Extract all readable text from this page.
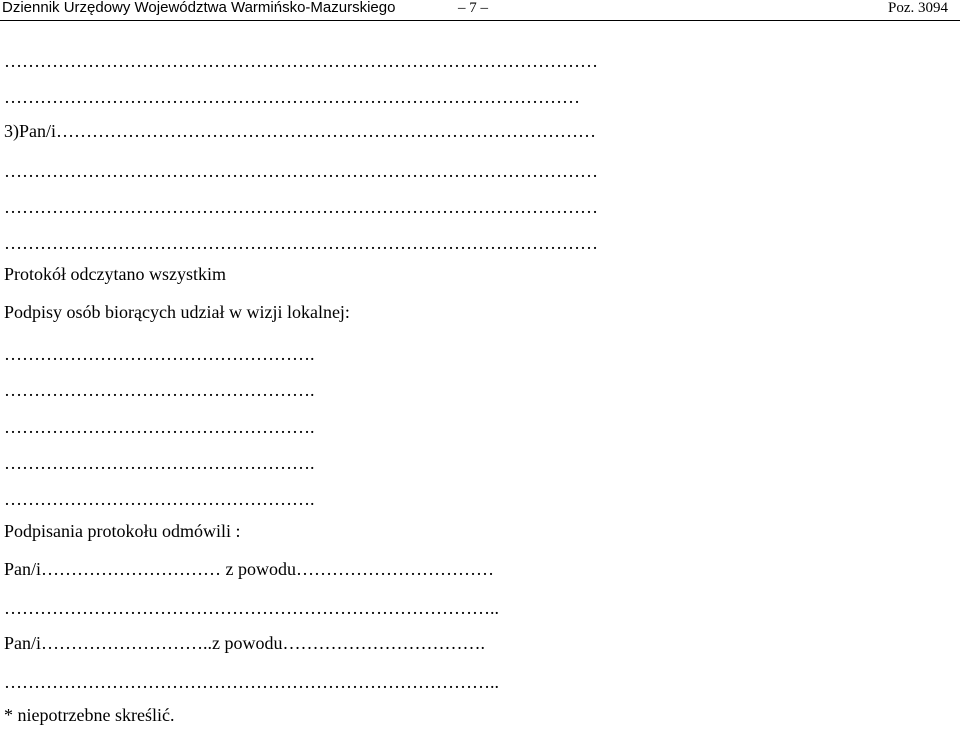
Dziennik Urzędowy Województwa Warmińsko-Mazurskiego	– 7 –	Poz. 3094
………………………………………………………………………………………
……………………………………………………………………………………
3)Pan/i………………………………………………………………………………
………………………………………………………………………………………
………………………………………………………………………………………
………………………………………………………………………………………
Protokół odczytano wszystkim
Podpisy osób biorących udział w wizji lokalnej:
…………………………………………….
…………………………………………….
…………………………………………….
…………………………………………….
…………………………………………….
Podpisania protokołu odmówili :
Pan/i………………………… z powodu……………………………
………………………………………………………………………..
Pan/i………………………..z powodu…………………………….
………………………………………………………………………..
* niepotrzebne skreślić.
